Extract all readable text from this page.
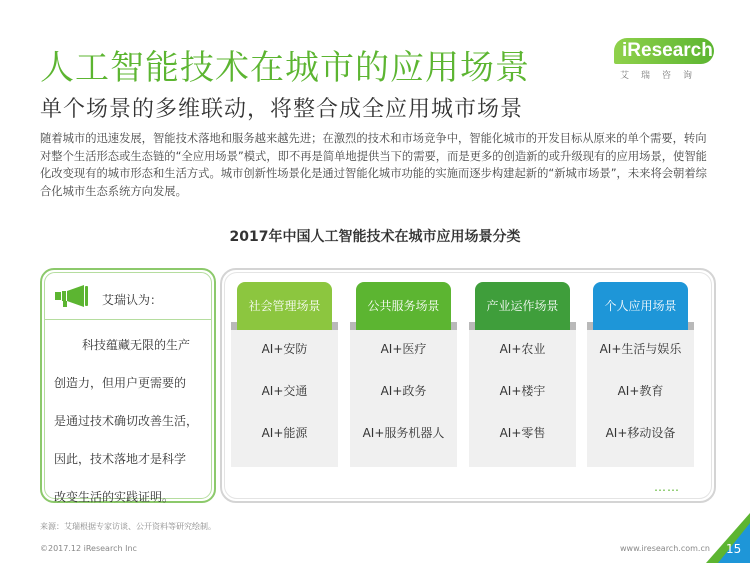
人工智能技术在城市的应用场景	iResearch
艾瑞咨询
单个场景的多维联动，将整合成全应用城市场景
随着城市的迅速发展，智能技术落地和服务越来越先进；在激烈的技术和市场竞争中，智能化城市的开发目标从原来的单个需要，转向对整个生活形态或生态链的“全应用场景”模式，即不再是简单地提供当下的需要，而是更多的创造新的或升级现有的应用场景，使智能化改变现有的城市形态和生活方式。城市创新性场景化是通过智能化城市功能的实施而逐步构建起新的“新城市场景”，未来将会朝着综合化城市生态系统方向发展。
2017年中国人工智能技术在城市应用场景分类
艾瑞认为：
科技蕴藏无限的生产
创造力，但用户更需要的
是通过技术确切改善生活，
因此，技术落地才是科学
改变生活的实践证明。
AI+安防
AI+交通
AI+能源
社会管理场景
AI+医疗
AI+政务
AI+服务机器人
公共服务场景
AI+农业
AI+楼宇
AI+零售
产业运作场景
AI+生活与娱乐
AI+教育
AI+移动设备
个人应用场景
……
来源：艾瑞根据专家访谈、公开资料等研究绘制。
©2017.12 iResearch Inc	www.iresearch.com.cn 15
